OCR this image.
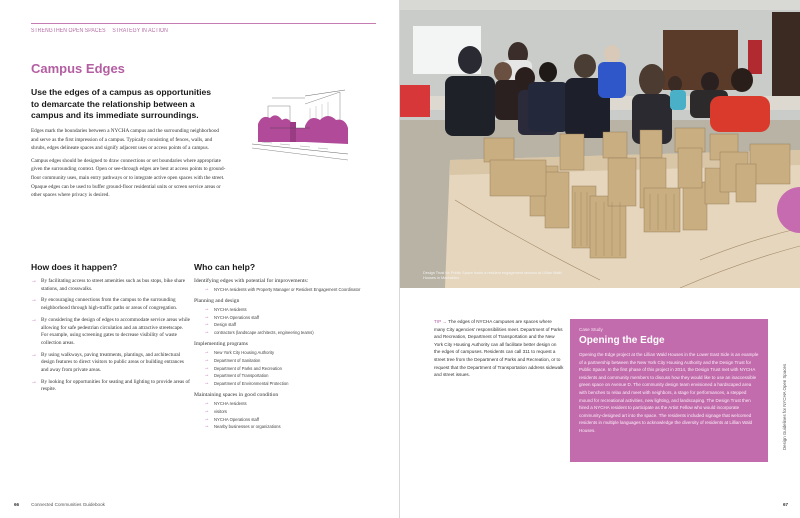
STRENGTHEN OPEN SPACES STRATEGY IN ACTION
Campus Edges

Use the edges of a campus as opportunities to demarcate the relationship between a campus and its immediate surroundings.

Edges mark the boundaries between a NYCHA campus and the surrounding neighborhood and serve as the first impression of a campus. Typically consisting of fences, walls, and shrubs, edges delineate spaces and signify adjacent uses or access points of a campus.

Campus edges should be designed to draw connections or set boundaries where appropriate given the surrounding context. Open or see-through edges are best at access points to ground-floor community uses, main entry pathways or to integrate active open spaces with the street. Opaque edges can be used to buffer ground-floor residential units or screen service areas or other spaces where privacy is desired.

How does it happen?
→ By facilitating access to street amenities such as bus stops, bike share stations, and crosswalks.
→ By encouraging connections from the campus to the surrounding neighborhood through high-traffic paths or areas of congregation.
→ By considering the design of edges to accommodate service areas while allowing for safe pedestrian circulation and an attractive streetscape. For example, using screening gates to decrease visibility of waste collection areas.
→ By using walkways, paving treatments, plantings, and architectural design features to direct visitors to public areas or building entrances and away from private areas.
→ By looking for opportunities for seating and lighting to provide areas of respite.
Who can help?
Identifying edges with potential for improvements:
→ NYCHA residents with Property Manager or Resident Engagement Coordinator
Planning and design
→ NYCHA residents
→ NYCHA Operations staff
→ Design staff
→ contractors (landscape architects, engineering teams)
Implementing programs
→ New York City Housing Authority
→ Department of Sanitation
→ Department of Parks and Recreation
→ Department of Transportation
→ Department of Environmental Protection
Maintaining spaces in good condition
→ NYCHA residents
→ visitors
→ NYCHA Operations staff
→ Nearby businesses or organizations
66	Connected Communities Guidebook
Design Trust for Public Space hosts a resident engagement session at Lillian Wald Houses in Manhattan.
TIP → The edges of NYCHA campuses are spaces where many City agencies' responsibilities meet. Department of Parks and Recreation, Department of Transportation and the New York City Housing Authority can all facilitate better design on the edges of campuses. Residents can call 311 to request a street tree from the Department of Parks and Recreation, or to request that the Department of Transportation address sidewalk and street issues.
Case Study
Opening the Edge
Opening the Edge project at the Lillian Wald Houses in the Lower East Side is an example of a partnership between the New York City Housing Authority and the Design Trust for Public Space. In the first phase of this project in 2014, the Design Trust met with NYCHA residents and community members to discuss how they would like to use an inaccessible green space on Avenue D. The community design team envisioned a hardscaped area with benches to relax and meet with neighbors, a stage for performances, a stepped mound for recreational activities, new lighting, and landscaping. The Design Trust then hired a NYCHA resident to participate as the Artist Fellow who would incorporate community-designed art into the space. The residents included signage that welcomed residents in multiple languages to acknowledge the diversity of residents at Lillian Wald Houses.	Design Guidelines for NYCHA Open Spaces
67
